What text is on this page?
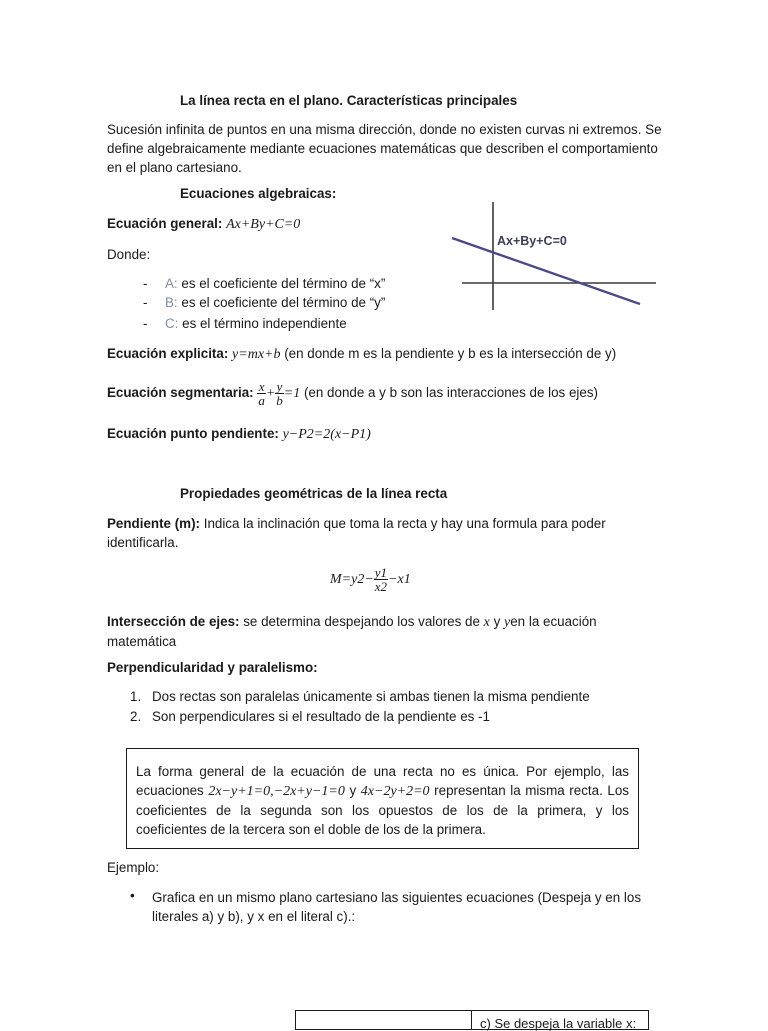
La línea recta en el plano. Características principales
Sucesión infinita de puntos en una misma dirección, donde no existen curvas ni extremos. Se define algebraicamente mediante ecuaciones matemáticas que describen el comportamiento en el plano cartesiano.
Ecuaciones algebraicas:
Ecuación general: Ax+By+C=0
Donde:
- A: es el coeficiente del término de “x”
- B: es el coeficiente del término de “y”
- C: es el término independiente
Ax+By+C=0
Ecuación explicita: y=mx+b (en donde m es la pendiente y b es la intersección de y)
Ecuación segmentaria: $\frac{x}{a} + \frac{y}{b} =1$ (en donde a y b son las interacciones de los ejes)
Ecuación punto pendiente: y−P2=2(x−P1)
Propiedades geométricas de la línea recta
Pendiente (m): Indica la inclinación que toma la recta y hay una formula para poder identificarla.
$M=y2- \frac{y1}{x2} -x1$
Intersección de ejes: se determina despejando los valores de x y yen la ecuación matemática
Perpendicularidad y paralelismo:
1. Dos rectas son paralelas únicamente si ambas tienen la misma pendiente
2. Son perpendiculares si el resultado de la pendiente es -1
La forma general de la ecuación de una recta no es única. Por ejemplo, las ecuaciones 2x−y+1=0,−2x+y−1=0 y 4x−2y+2=0 representan la misma recta. Los coeficientes de la segunda son los opuestos de los de la primera, y los coeficientes de la tercera son el doble de los de la primera.
Ejemplo:
• Grafica en un mismo plano cartesiano las siguientes ecuaciones (Despeja y en los literales a) y b), y x en el literal c).:
c) Se despeja la variable x:
